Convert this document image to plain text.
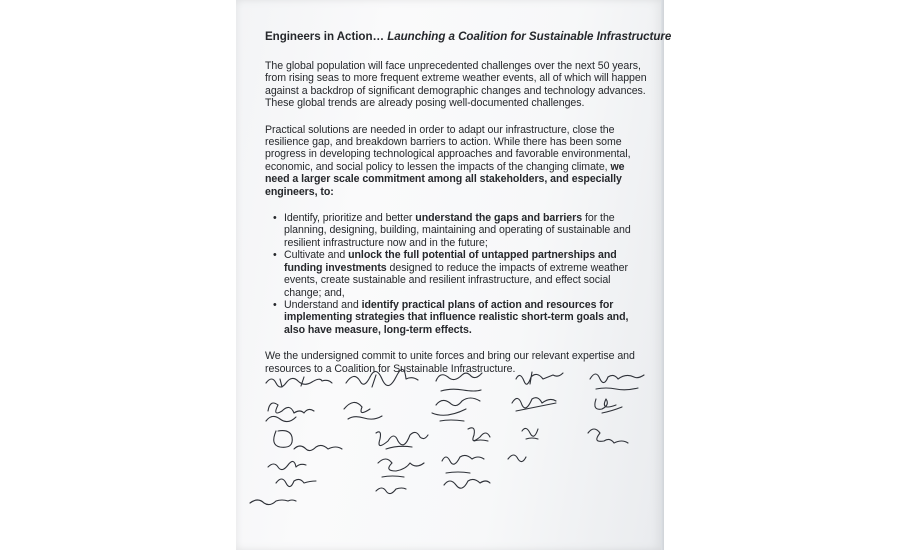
Engineers in Action… Launching a Coalition for Sustainable Infrastructure

The global population will face unprecedented challenges over the next 50 years, from rising seas to more frequent extreme weather events, all of which will happen against a backdrop of significant demographic changes and technology advances. These global trends are already posing well-documented challenges.

Practical solutions are needed in order to adapt our infrastructure, close the resilience gap, and breakdown barriers to action. While there has been some progress in developing technological approaches and favorable environmental, economic, and social policy to lessen the impacts of the changing climate, we need a larger scale commitment among all stakeholders, and especially engineers, to:

• Identify, prioritize and better understand the gaps and barriers for the planning, designing, building, maintaining and operating of sustainable and resilient infrastructure now and in the future;
• Cultivate and unlock the full potential of untapped partnerships and funding investments designed to reduce the impacts of extreme weather events, create sustainable and resilient infrastructure, and effect social change; and,
• Understand and identify practical plans of action and resources for implementing strategies that influence realistic short-term goals and, also have measure, long-term effects.

We the undersigned commit to unite forces and bring our relevant expertise and resources to a Coalition for Sustainable Infrastructure.
